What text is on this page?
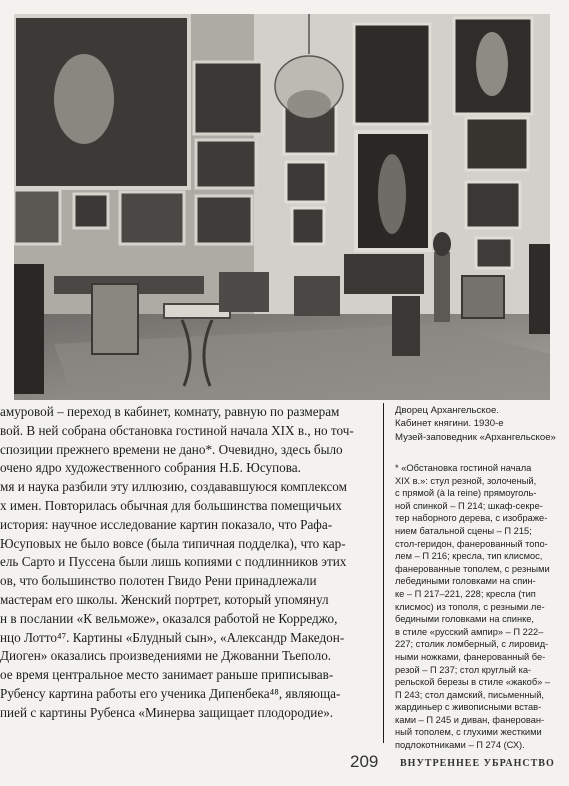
амуровой – переход в кабинет, комнату, равную по размерам
вой. В ней собрана обстановка гостиной начала XIX в., но точ-
спозиции прежнего времени не дано*. Очевидно, здесь было
очено ядро художественного собрания Н.Б. Юсупова.
мя и наука разбили эту иллюзию, создававшуюся комплексом
х имен. Повторилась обычная для большинства помещичьих
история: научное исследование картин показало, что Рафа-
Юсуповых не было вовсе (была типичная подделка), что кар-
ель Сарто и Пуссена были лишь копиями с подлинников этих
ов, что большинство полотен Гвидо Рени принадлежали
мастерам его школы. Женский портрет, который упомянул
н в послании «К вельможе», оказался работой не Корреджо,
нцо Лотто⁴⁷. Картины «Блудный сын», «Александр Македон-
Диоген» оказались произведениями не Джованни Тьеполо.
ое время центральное место занимает раньше приписывав-
Рубенсу картина работы его ученика Дипенбека⁴⁸, являюща-
пией с картины Рубенса «Минерва защищает плодородие».
Дворец Архангельское.
Кабинет княгини. 1930-е
Музей-заповедник «Архангельское»
* «Обстановка гостиной начала
XIX в.»: стул резной, золоченый,
с прямой (à la reine) прямоуголь-
ной спинкой – П 214; шкаф-секре-
тер наборного дерева, с изображе-
нием батальной сцены – П 215;
стол-геридон, фанерованный топо-
лем – П 216; кресла, тип клисмос,
фанерованные тополем, с резными
лебедиными головками на спин-
ке – П 217–221, 228; кресла (тип
клисмос) из тополя, с резными ле-
бедиными головками на спинке,
в стиле «русский ампир» – П 222–
227; столик ломберный, с лировид-
ными ножками, фанерованный бе-
резой – П 237; стол круглый ка-
рельской березы в стиле «жакоб» –
П 243; стол дамский, письменный,
жардиньер с живописными встав-
ками – П 245 и диван, фанерован-
ный тополем, с глухими жесткими
подлокотниками – П 274 (СХ).
209 ВНУТРЕННЕЕ УБРАНСТВО
